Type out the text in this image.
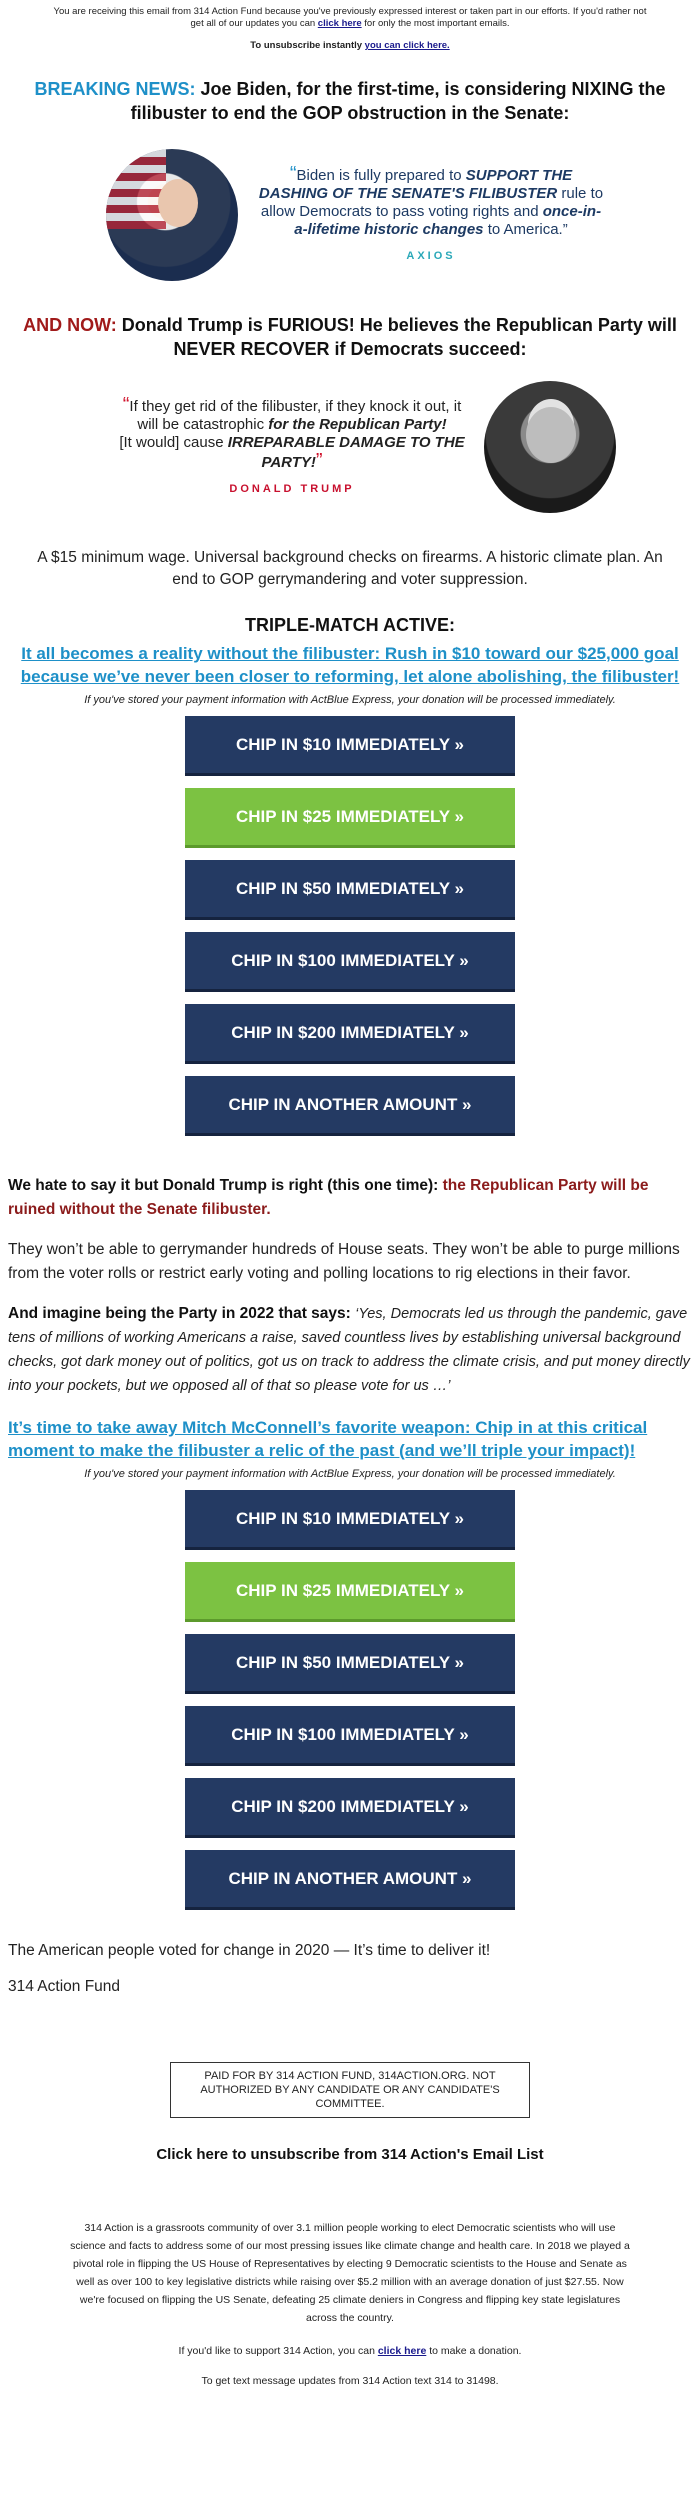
You are receiving this email from 314 Action Fund because you've previously expressed interest or taken part in our efforts. If you'd rather not get all of our updates you can click here for only the most important emails.
To unsubscribe instantly you can click here.
BREAKING NEWS: Joe Biden, for the first-time, is considering NIXING the filibuster to end the GOP obstruction in the Senate:
“Biden is fully prepared to SUPPORT THE DASHING OF THE SENATE'S FILIBUSTER rule to allow Democrats to pass voting rights and once-in-a-lifetime historic changes to America.”
AXIOS
AND NOW: Donald Trump is FURIOUS! He believes the Republican Party will NEVER RECOVER if Democrats succeed:
“If they get rid of the filibuster, if they knock it out, it will be catastrophic for the Republican Party!
[It would] cause IRREPARABLE DAMAGE TO THE PARTY!”
DONALD TRUMP
A $15 minimum wage. Universal background checks on firearms. A historic climate plan. An end to GOP gerrymandering and voter suppression.
TRIPLE-MATCH ACTIVE:
It all becomes a reality without the filibuster: Rush in $10 toward our $25,000 goal because we’ve never been closer to reforming, let alone abolishing, the filibuster!
If you've stored your payment information with ActBlue Express, your donation will be processed immediately.
CHIP IN $10 IMMEDIATELY »
CHIP IN $25 IMMEDIATELY »
CHIP IN $50 IMMEDIATELY »
CHIP IN $100 IMMEDIATELY »
CHIP IN $200 IMMEDIATELY »
CHIP IN ANOTHER AMOUNT »
We hate to say it but Donald Trump is right (this one time): the Republican Party will be ruined without the Senate filibuster.
They won’t be able to gerrymander hundreds of House seats. They won’t be able to purge millions from the voter rolls or restrict early voting and polling locations to rig elections in their favor.
And imagine being the Party in 2022 that says: ‘Yes, Democrats led us through the pandemic, gave tens of millions of working Americans a raise, saved countless lives by establishing universal background checks, got dark money out of politics, got us on track to address the climate crisis, and put money directly into your pockets, but we opposed all of that so please vote for us …’
It’s time to take away Mitch McConnell’s favorite weapon: Chip in at this critical moment to make the filibuster a relic of the past (and we’ll triple your impact)!
If you've stored your payment information with ActBlue Express, your donation will be processed immediately.
CHIP IN $10 IMMEDIATELY »
CHIP IN $25 IMMEDIATELY »
CHIP IN $50 IMMEDIATELY »
CHIP IN $100 IMMEDIATELY »
CHIP IN $200 IMMEDIATELY »
CHIP IN ANOTHER AMOUNT »
The American people voted for change in 2020 — It’s time to deliver it!
314 Action Fund
PAID FOR BY 314 ACTION FUND, 314ACTION.ORG. NOT AUTHORIZED BY ANY CANDIDATE OR ANY CANDIDATE'S COMMITTEE.
Click here to unsubscribe from 314 Action's Email List
314 Action is a grassroots community of over 3.1 million people working to elect Democratic scientists who will use science and facts to address some of our most pressing issues like climate change and health care. In 2018 we played a pivotal role in flipping the US House of Representatives by electing 9 Democratic scientists to the House and Senate as well as over 100 to key legislative districts while raising over $5.2 million with an average donation of just $27.55. Now we're focused on flipping the US Senate, defeating 25 climate deniers in Congress and flipping key state legislatures across the country.
If you'd like to support 314 Action, you can click here to make a donation.
To get text message updates from 314 Action text 314 to 31498.
